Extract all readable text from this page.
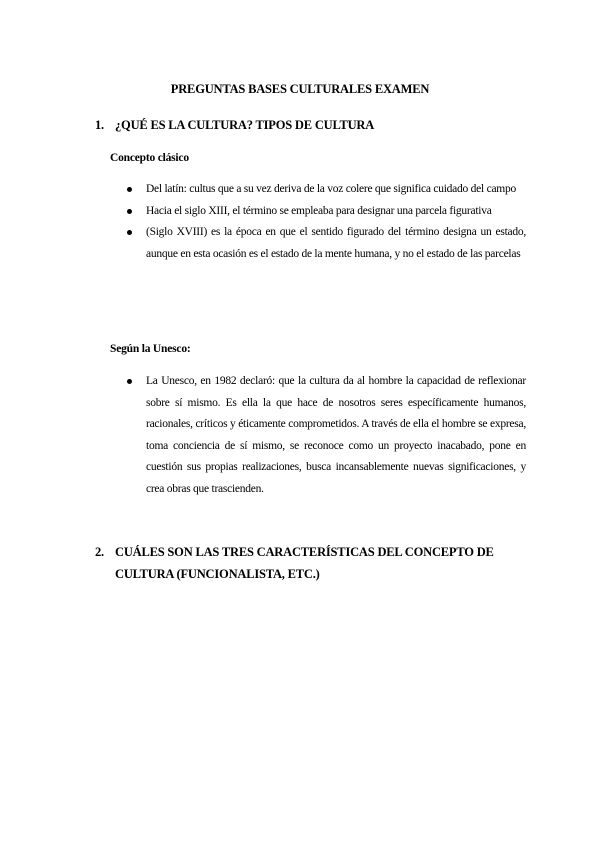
PREGUNTAS BASES CULTURALES EXAMEN
1. ¿QUÉ ES LA CULTURA? TIPOS DE CULTURA
Concepto clásico
Del latín: cultus que a su vez deriva de la voz colere que significa cuidado del campo
Hacia el siglo XIII, el término se empleaba para designar una parcela figurativa
(Siglo XVIII) es la época en que el sentido figurado del término designa un estado, aunque en esta ocasión es el estado de la mente humana, y no el estado de las parcelas
Según la Unesco:
La Unesco, en 1982 declaró: que la cultura da al hombre la capacidad de reflexionar sobre sí mismo. Es ella la que hace de nosotros seres específicamente humanos, racionales, críticos y éticamente comprometidos. A través de ella el hombre se expresa, toma conciencia de sí mismo, se reconoce como un proyecto inacabado, pone en cuestión sus propias realizaciones, busca incansablemente nuevas significaciones, y crea obras que trascienden.
2. CUÁLES SON LAS TRES CARACTERÍSTICAS DEL CONCEPTO DE
CULTURA (FUNCIONALISTA, ETC.)
